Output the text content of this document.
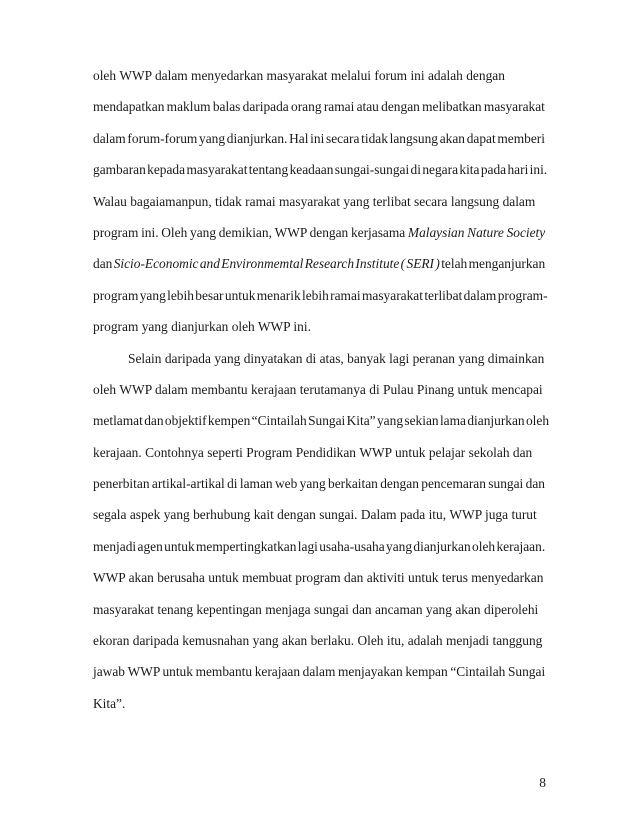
oleh WWP dalam menyedarkan masyarakat melalui forum ini adalah dengan
mendapatkan maklum balas daripada orang ramai atau dengan melibatkan masyarakat
dalam forum-forum yang dianjurkan. Hal ini secara tidak langsung akan dapat memberi
gambaran kepada masyarakat tentang keadaan sungai-sungai di negara kita pada hari ini.
Walau bagaiamanpun, tidak ramai masyarakat yang terlibat secara langsung dalam
program ini. Oleh yang demikian, WWP dengan kerjasama Malaysian Nature Society
dan Sicio-Economic and Environmemtal Research Institute ( SERI ) telah menganjurkan
program yang lebih besar untuk menarik lebih ramai masyarakat terlibat dalam program-
program yang dianjurkan oleh WWP ini.
Selain daripada yang dinyatakan di atas, banyak lagi peranan yang dimainkan
oleh WWP dalam membantu kerajaan terutamanya di Pulau Pinang untuk mencapai
metlamat dan objektif kempen “Cintailah Sungai Kita” yang sekian lama dianjurkan oleh
kerajaan. Contohnya seperti Program Pendidikan WWP untuk pelajar sekolah dan
penerbitan artikal-artikal di laman web yang berkaitan dengan pencemaran sungai dan
segala aspek yang berhubung kait dengan sungai. Dalam pada itu, WWP juga turut
menjadi agen untuk mempertingkatkan lagi usaha-usaha yang dianjurkan oleh kerajaan.
WWP akan berusaha untuk membuat program dan aktiviti untuk terus menyedarkan
masyarakat tenang kepentingan menjaga sungai dan ancaman yang akan diperolehi
ekoran daripada kemusnahan yang akan berlaku. Oleh itu, adalah menjadi tanggung
jawab WWP untuk membantu kerajaan dalam menjayakan kempan “Cintailah Sungai
Kita”.
8
